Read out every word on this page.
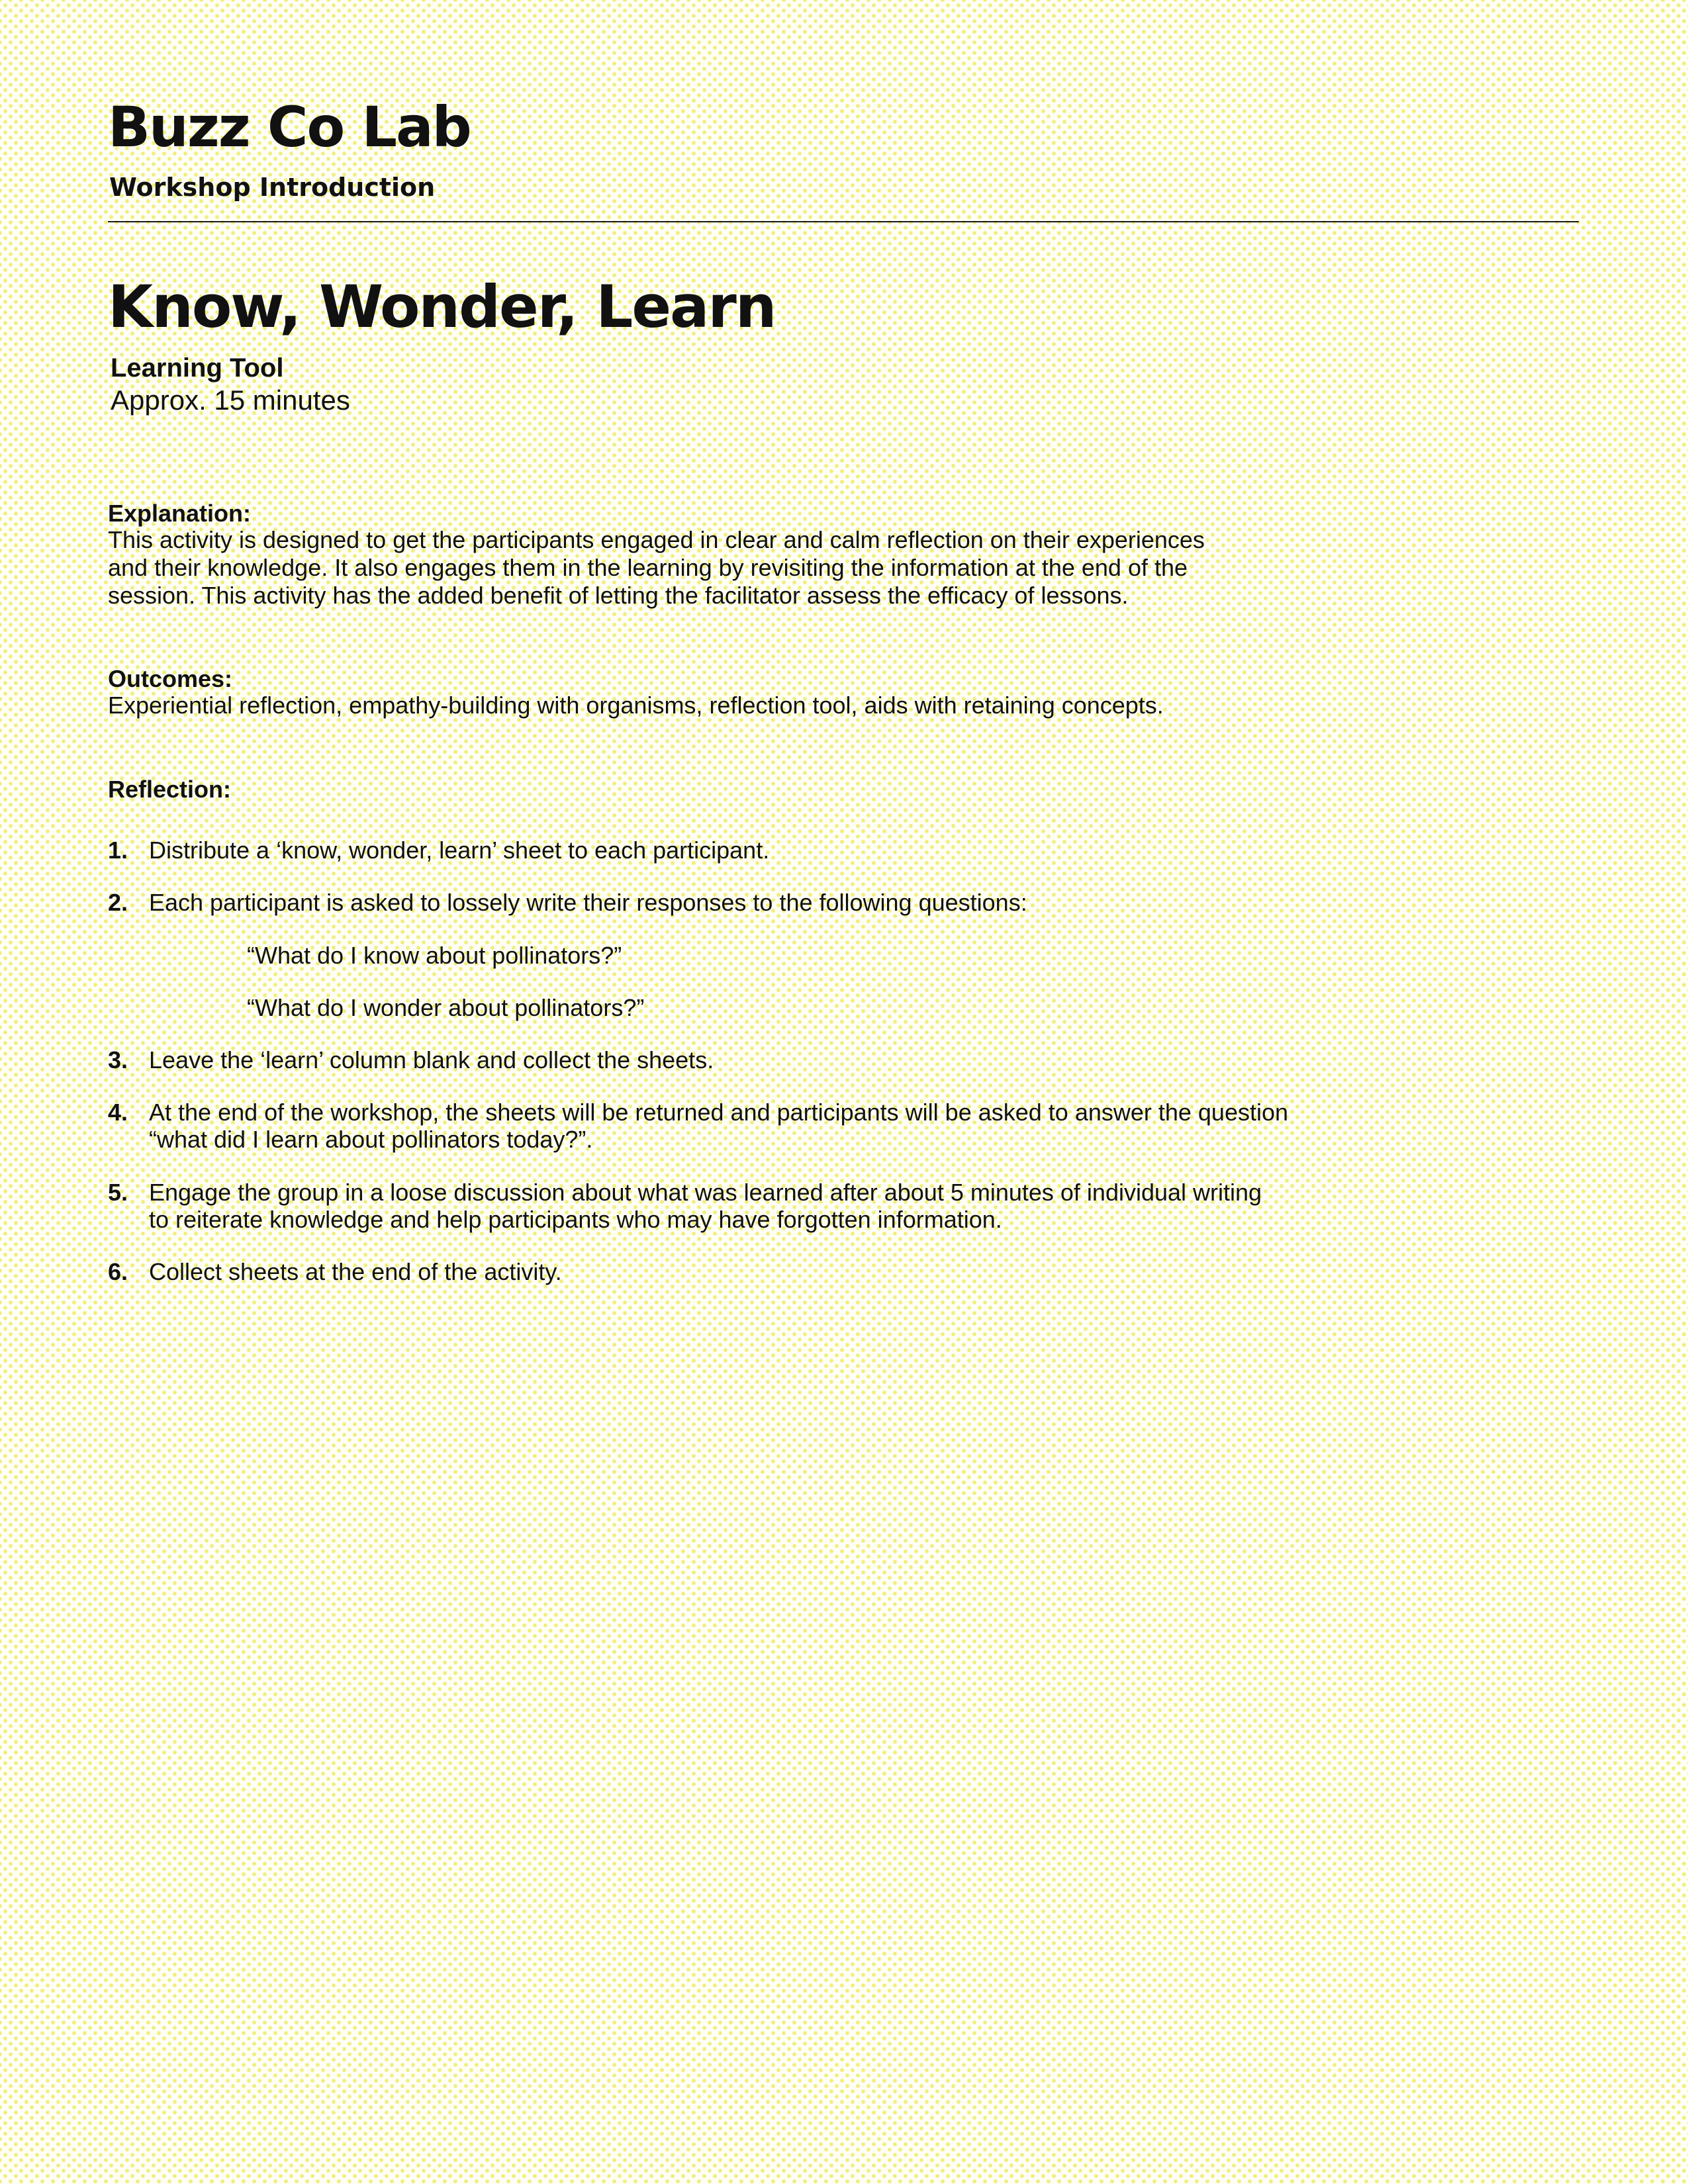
Buzz Co Lab
Workshop Introduction
Know, Wonder, Learn
Learning Tool
Approx. 15 minutes
Explanation:
This activity is designed to get the participants engaged in clear and calm reflection on their experiences
and their knowledge. It also engages them in the learning by revisiting the information at the end of the
session. This activity has the added benefit of letting the facilitator assess the efficacy of lessons.
Outcomes:
Experiential reflection, empathy-building with organisms, reflection tool, aids with retaining concepts.
Reflection:
1. Distribute a ‘know, wonder, learn’ sheet to each participant.
2. Each participant is asked to lossely write their responses to the following questions:
“What do I know about pollinators?”
“What do I wonder about pollinators?”
3. Leave the ‘learn’ column blank and collect the sheets.
4. At the end of the workshop, the sheets will be returned and participants will be asked to answer the question
“what did I learn about pollinators today?”.
5. Engage the group in a loose discussion about what was learned after about 5 minutes of individual writing
to reiterate knowledge and help participants who may have forgotten information.
6. Collect sheets at the end of the activity.
